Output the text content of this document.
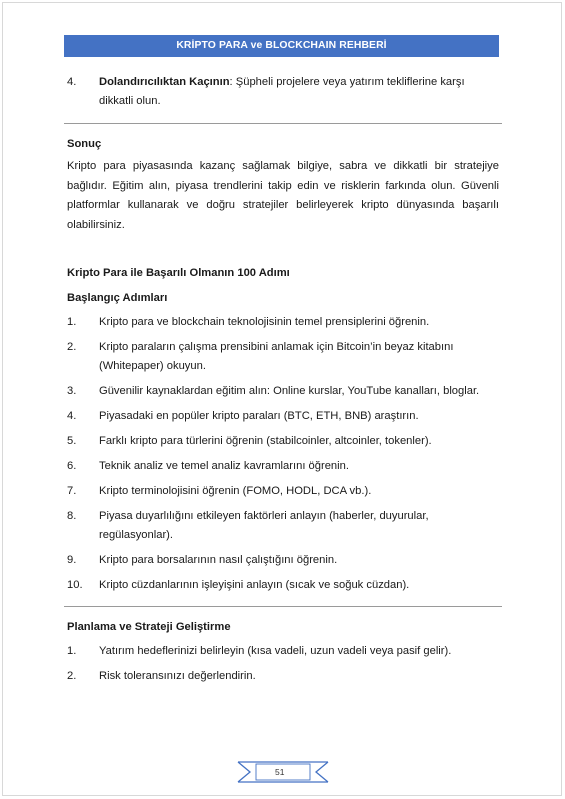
KRİPTO PARA ve BLOCKCHAIN REHBERİ
4. Dolandırıcılıktan Kaçının: Şüpheli projelere veya yatırım tekliflerine karşı dikkatli olun.
Sonuç
Kripto para piyasasında kazanç sağlamak bilgiye, sabra ve dikkatli bir stratejiye bağlıdır. Eğitim alın, piyasa trendlerini takip edin ve risklerin farkında olun. Güvenli platformlar kullanarak ve doğru stratejiler belirleyerek kripto dünyasında başarılı olabilirsiniz.
Kripto Para ile Başarılı Olmanın 100 Adımı
Başlangıç Adımları
1. Kripto para ve blockchain teknolojisinin temel prensiplerini öğrenin.
2. Kripto paraların çalışma prensibini anlamak için Bitcoin’in beyaz kitabını (Whitepaper) okuyun.
3. Güvenilir kaynaklardan eğitim alın: Online kurslar, YouTube kanalları, bloglar.
4. Piyasadaki en popüler kripto paraları (BTC, ETH, BNB) araştırın.
5. Farklı kripto para türlerini öğrenin (stabilcoinler, altcoinler, tokenler).
6. Teknik analiz ve temel analiz kavramlarını öğrenin.
7. Kripto terminolojisini öğrenin (FOMO, HODL, DCA vb.).
8. Piyasa duyarlılığını etkileyen faktörleri anlayın (haberler, duyurular, regülasyonlar).
9. Kripto para borsalarının nasıl çalıştığını öğrenin.
10. Kripto cüzdanlarının işleyişini anlayın (sıcak ve soğuk cüzdan).
Planlama ve Strateji Geliştirme
1. Yatırım hedeflerinizi belirleyin (kısa vadeli, uzun vadeli veya pasif gelir).
2. Risk toleransınızı değerlendirin.
51
